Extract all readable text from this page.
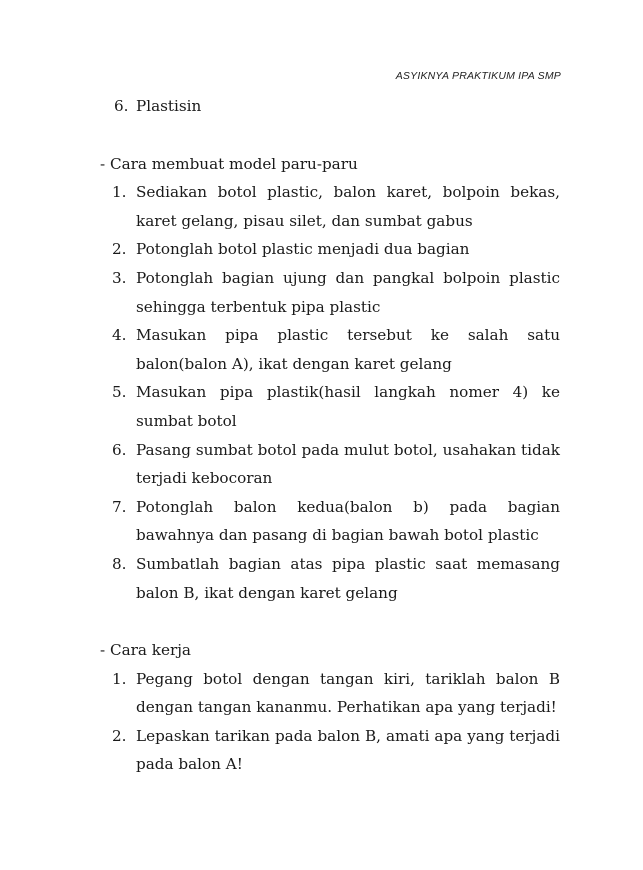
ASYIKNYA PRAKTIKUM IPA SMP

6. Plastisin

- Cara membuat model paru-paru
1. Sediakan botol plastic, balon karet, bolpoin bekas, karet gelang, pisau silet, dan sumbat gabus
2. Potonglah botol plastic menjadi dua bagian
3. Potonglah bagian ujung dan pangkal bolpoin plastic sehingga terbentuk pipa plastic
4. Masukan pipa plastic tersebut ke salah satu balon(balon A), ikat dengan karet gelang
5. Masukan pipa plastik(hasil langkah nomer 4) ke sumbat botol
6. Pasang sumbat botol pada mulut botol, usahakan tidak terjadi kebocoran
7. Potonglah balon kedua(balon b) pada bagian bawahnya dan pasang di bagian bawah botol plastic
8. Sumbatlah bagian atas pipa plastic saat memasang balon B, ikat dengan karet gelang
- Cara kerja
1. Pegang botol dengan tangan kiri, tariklah balon B dengan tangan kananmu. Perhatikan apa yang terjadi!
2. Lepaskan tarikan pada balon B, amati apa yang terjadi pada balon A!
